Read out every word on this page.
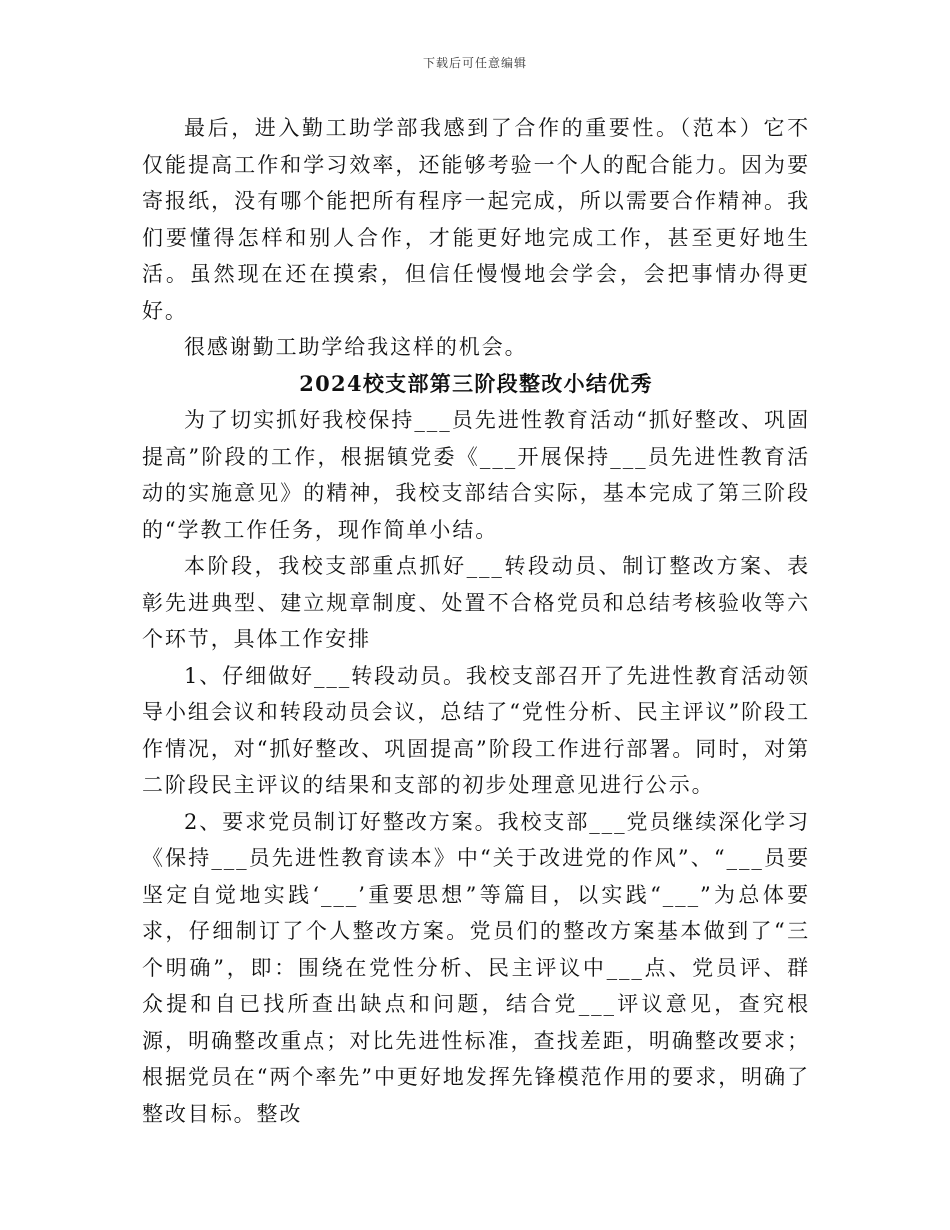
下载后可任意编辑

最后，进入勤工助学部我感到了合作的重要性。（范本）它不仅能提高工作和学习效率，还能够考验一个人的配合能力。因为要寄报纸，没有哪个能把所有程序一起完成，所以需要合作精神。我们要懂得怎样和别人合作，才能更好地完成工作，甚至更好地生活。虽然现在还在摸索，但信任慢慢地会学会，会把事情办得更好。

很感谢勤工助学给我这样的机会。

2024校支部第三阶段整改小结优秀

为了切实抓好我校保持___员先进性教育活动“抓好整改、巩固提高”阶段的工作，根据镇党委《___开展保持___员先进性教育活动的实施意见》的精神，我校支部结合实际，基本完成了第三阶段的“学教工作任务，现作简单小结。

本阶段，我校支部重点抓好___转段动员、制订整改方案、表彰先进典型、建立规章制度、处置不合格党员和总结考核验收等六个环节，具体工作安排

1、仔细做好___转段动员。我校支部召开了先进性教育活动领导小组会议和转段动员会议，总结了“党性分析、民主评议”阶段工作情况，对“抓好整改、巩固提高”阶段工作进行部署。同时，对第二阶段民主评议的结果和支部的初步处理意见进行公示。

2、要求党员制订好整改方案。我校支部___党员继续深化学习《保持___员先进性教育读本》中“关于改进党的作风”、“___员要坚定自觉地实践‘___’重要思想”等篇目，以实践“___”为总体要求，仔细制订了个人整改方案。党员们的整改方案基本做到了“三个明确”，即：围绕在党性分析、民主评议中___点、党员评、群众提和自已找所查出缺点和问题，结合党___评议意见，查究根源，明确整改重点；对比先进性标准，查找差距，明确整改要求；根据党员在“两个率先”中更好地发挥先锋模范作用的要求，明确了整改目标。整改
